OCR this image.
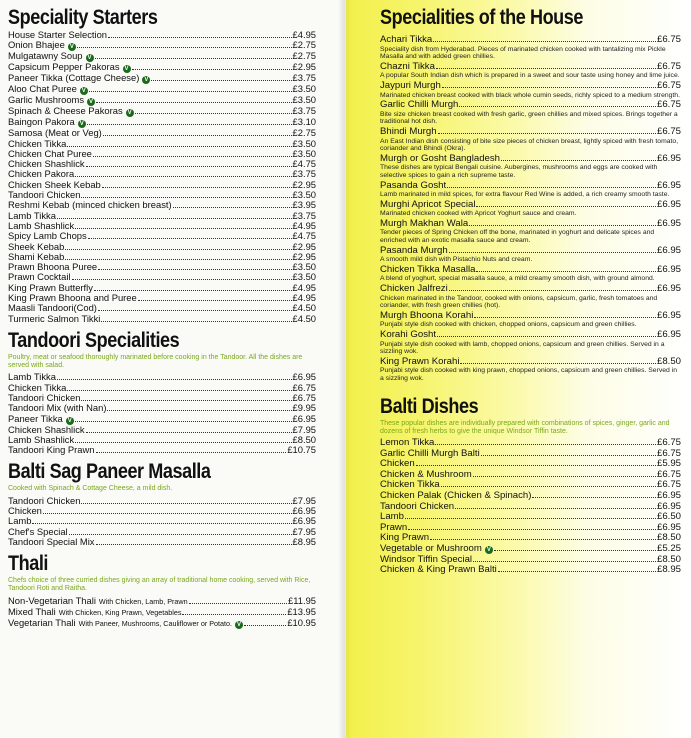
Speciality Starters
House Starter Selection	£4.95
Onion Bhajee V	£2.75
Mulgatawny Soup V	£2.75
Capsicum Pepper Pakoras V	£2.95
Paneer Tikka (Cottage Cheese) V	£3.75
Aloo Chat Puree V	£3.50
Garlic Mushrooms V	£3.50
Spinach & Cheese Pakoras V	£3.75
Baingon Pakora V	£3.10
Samosa (Meat or Veg)	£2.75
Chicken Tikka	£3.50
Chicken Chat Puree	£3.50
Chicken Shashlick	£4.75
Chicken Pakora	£3.75
Chicken Sheek Kebab	£2.95
Tandoori Chicken	£3.50
Reshmi Kebab (minced chicken breast)	£3.95
Lamb Tikka	£3.75
Lamb Shashlick	£4.95
Spicy Lamb Chops	£4.75
Sheek Kebab	£2.95
Shami Kebab	£2.95
Prawn Bhoona Puree	£3.50
Prawn Cocktail	£3.50
King Prawn Butterfly	£4.95
King Prawn Bhoona and Puree	£4.95
Maasli Tandoori(Cod)	£4.50
Turmeric Salmon Tikki	£4.50
Tandoori Specialities
Poultry, meat or seafood thoroughly marinated before cooking in the Tandoor. All the dishes are served with salad.
Lamb Tikka	£6.95
Chicken Tikka	£6.75
Tandoori Chicken	£6.75
Tandoori Mix (with Nan)	£9.95
Paneer Tikka V	£6.95
Chicken Shashlick	£7.95
Lamb Shashlick	£8.50
Tandoori King Prawn	£10.75
Balti Sag Paneer Masalla
Cooked with Spinach & Cottage Cheese, a mild dish.
Tandoori Chicken	£7.95
Chicken	£6.95
Lamb	£6.95
Chef's Special	£7.95
Tandoori Special Mix	£8.95
Thali
Chefs choice of three curried dishes giving an array of traditional home cooking, served with Rice, Tandoori Roti and Raitha.
Non-Vegetarian Thali With Chicken, Lamb, Prawn	£11.95
Mixed Thali With Chicken, King Prawn, Vegetables	£13.95
Vegetarian Thali With Paneer, Mushrooms, Cauliflower or Potato. V	£10.95
Specialities of the House
Achari Tikka	£6.75
Speciality dish from Hyderabad. Pieces of marinated chicken cooked with tantalizing mix Pickle Masalla and with added green chillies.
Chazni Tikka	£6.75
A popular South Indian dish which is prepared in a sweet and sour taste using honey and lime juice.
Jaypuri Murgh	£6.75
Marinated chicken breast cooked with black whole cumin seeds, richly spiced to a medium strength.
Garlic Chilli Murgh	£6.75
Bite size chicken breast cooked with fresh garlic, green chillies and mixed spices. Brings together a traditional hot dish.
Bhindi Murgh	£6.75
An East Indian dish consisting of bite size pieces of chicken breast, lightly spiced with fresh tomato, coriander and Bhindi (Okra).
Murgh or Gosht Bangladesh	£6.95
These dishes are typical Bengali cuisine. Aubergines, mushrooms and eggs are cooked with selective spices to gain a rich supreme taste.
Pasanda Gosht	£6.95
Lamb marinated in mild spices, for extra flavour Red Wine is added, a rich creamy smooth taste.
Murghi Apricot Special	£6.95
Marinated chicken cooked with Apricot Yoghurt sauce and cream.
Murgh Makhan Wala	£6.95
Tender pieces of Spring Chicken off the bone, marinated in yoghurt and delicate spices and enriched with an exotic masalla sauce and cream.
Pasanda Murgh	£6.95
A smooth mild dish with Pistachio Nuts and cream.
Chicken Tikka Masalla	£6.95
A blend of yoghurt, special masalla sauce, a mild creamy smooth dish, with ground almond.
Chicken Jalfrezi	£6.95
Chicken marinated in the Tandoor, cooked with onions, capsicum, garlic, fresh tomatoes and coriander, with fresh green chillies (hot).
Murgh Bhoona Korahi	£6.95
Punjabi style dish cooked with chicken, chopped onions, capsicum and green chillies.
Korahi Gosht	£6.95
Punjabi style dish cooked with lamb, chopped onions, capsicum and green chillies. Served in a sizzling wok.
King Prawn Korahi	£8.50
Punjabi style dish cooked with king prawn, chopped onions, capsicum and green chillies. Served in a sizzling wok.
Balti Dishes
These popular dishes are individually prepared with combinations of spices, ginger, garlic and dozens of fresh herbs to give the unique Windsor Tiffin taste.
Lemon Tikka	£6.75
Garlic Chilli Murgh Balti	£6.75
Chicken	£5.95
Chicken & Mushroom	£6.75
Chicken Tikka	£6.75
Chicken Palak (Chicken & Spinach)	£6.95
Tandoori Chicken	£6.95
Lamb	£6.50
Prawn	£6.95
King Prawn	£8.50
Vegetable or Mushroom V	£5.25
Windsor Tiffin Special	£8.50
Chicken & King Prawn Balti	£8.95
